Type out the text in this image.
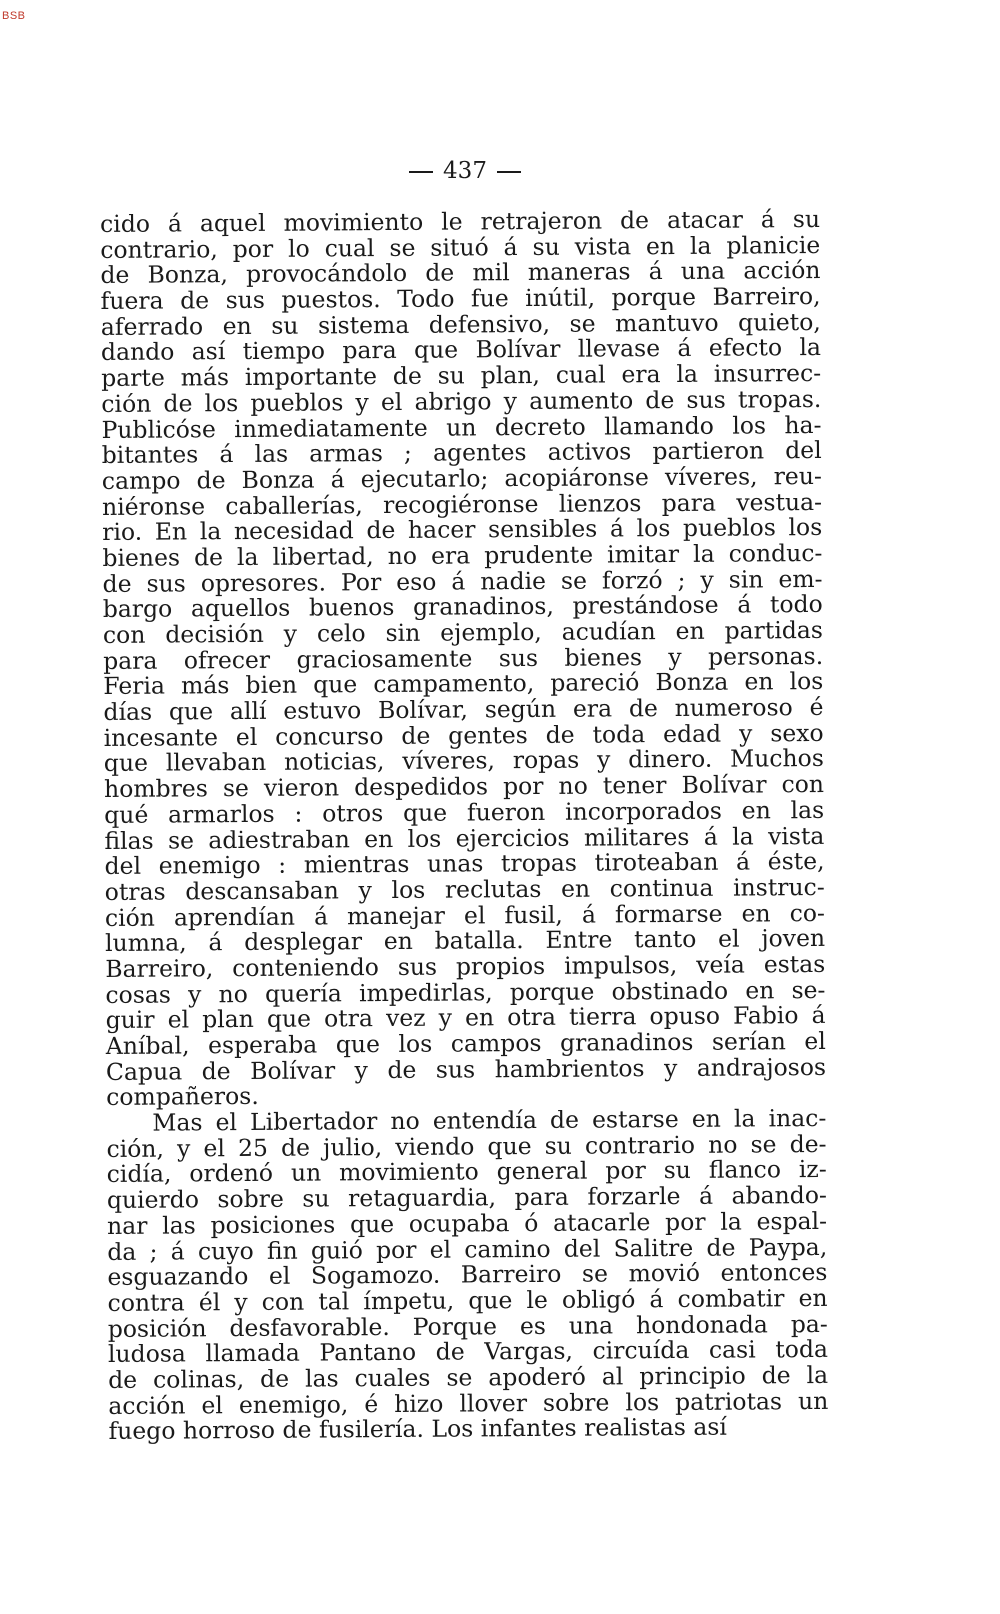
BSB
437
cido á aquel movimiento le retrajeron de atacar á su
contrario, por lo cual se situó á su vista en la planicie
de Bonza, provocándolo de mil maneras á una acción
fuera de sus puestos. Todo fue inútil, porque Barreiro,
aferrado en su sistema defensivo, se mantuvo quieto,
dando así tiempo para que Bolívar llevase á efecto la
parte más importante de su plan, cual era la insurrec-
ción de los pueblos y el abrigo y aumento de sus tropas.
Publicóse inmediatamente un decreto llamando los ha-
bitantes á las armas ; agentes activos partieron del
campo de Bonza á ejecutarlo; acopiáronse víveres, reu-
niéronse caballerías, recogiéronse lienzos para vestua-
rio. En la necesidad de hacer sensibles á los pueblos los
bienes de la libertad, no era prudente imitar la conduc-
de sus opresores. Por eso á nadie se forzó ; y sin em-
bargo aquellos buenos granadinos, prestándose á todo
con decisión y celo sin ejemplo, acudían en partidas
para ofrecer graciosamente sus bienes y personas.
Feria más bien que campamento, pareció Bonza en los
días que allí estuvo Bolívar, según era de numeroso é
incesante el concurso de gentes de toda edad y sexo
que llevaban noticias, víveres, ropas y dinero. Muchos
hombres se vieron despedidos por no tener Bolívar con
qué armarlos : otros que fueron incorporados en las
filas se adiestraban en los ejercicios militares á la vista
del enemigo : mientras unas tropas tiroteaban á éste,
otras descansaban y los reclutas en continua instruc-
ción aprendían á manejar el fusil, á formarse en co-
lumna, á desplegar en batalla. Entre tanto el joven
Barreiro, conteniendo sus propios impulsos, veía estas
cosas y no quería impedirlas, porque obstinado en se-
guir el plan que otra vez y en otra tierra opuso Fabio á
Aníbal, esperaba que los campos granadinos serían el
Capua de Bolívar y de sus hambrientos y andrajosos
compañeros.
Mas el Libertador no entendía de estarse en la inac-
ción, y el 25 de julio, viendo que su contrario no se de-
cidía, ordenó un movimiento general por su flanco iz-
quierdo sobre su retaguardia, para forzarle á abando-
nar las posiciones que ocupaba ó atacarle por la espal-
da ; á cuyo fin guió por el camino del Salitre de Paypa,
esguazando el Sogamozo. Barreiro se movió entonces
contra él y con tal ímpetu, que le obligó á combatir en
posición desfavorable. Porque es una hondonada pa-
ludosa llamada Pantano de Vargas, circuída casi toda
de colinas, de las cuales se apoderó al principio de la
acción el enemigo, é hizo llover sobre los patriotas un
fuego horroso de fusilería. Los infantes realistas así
